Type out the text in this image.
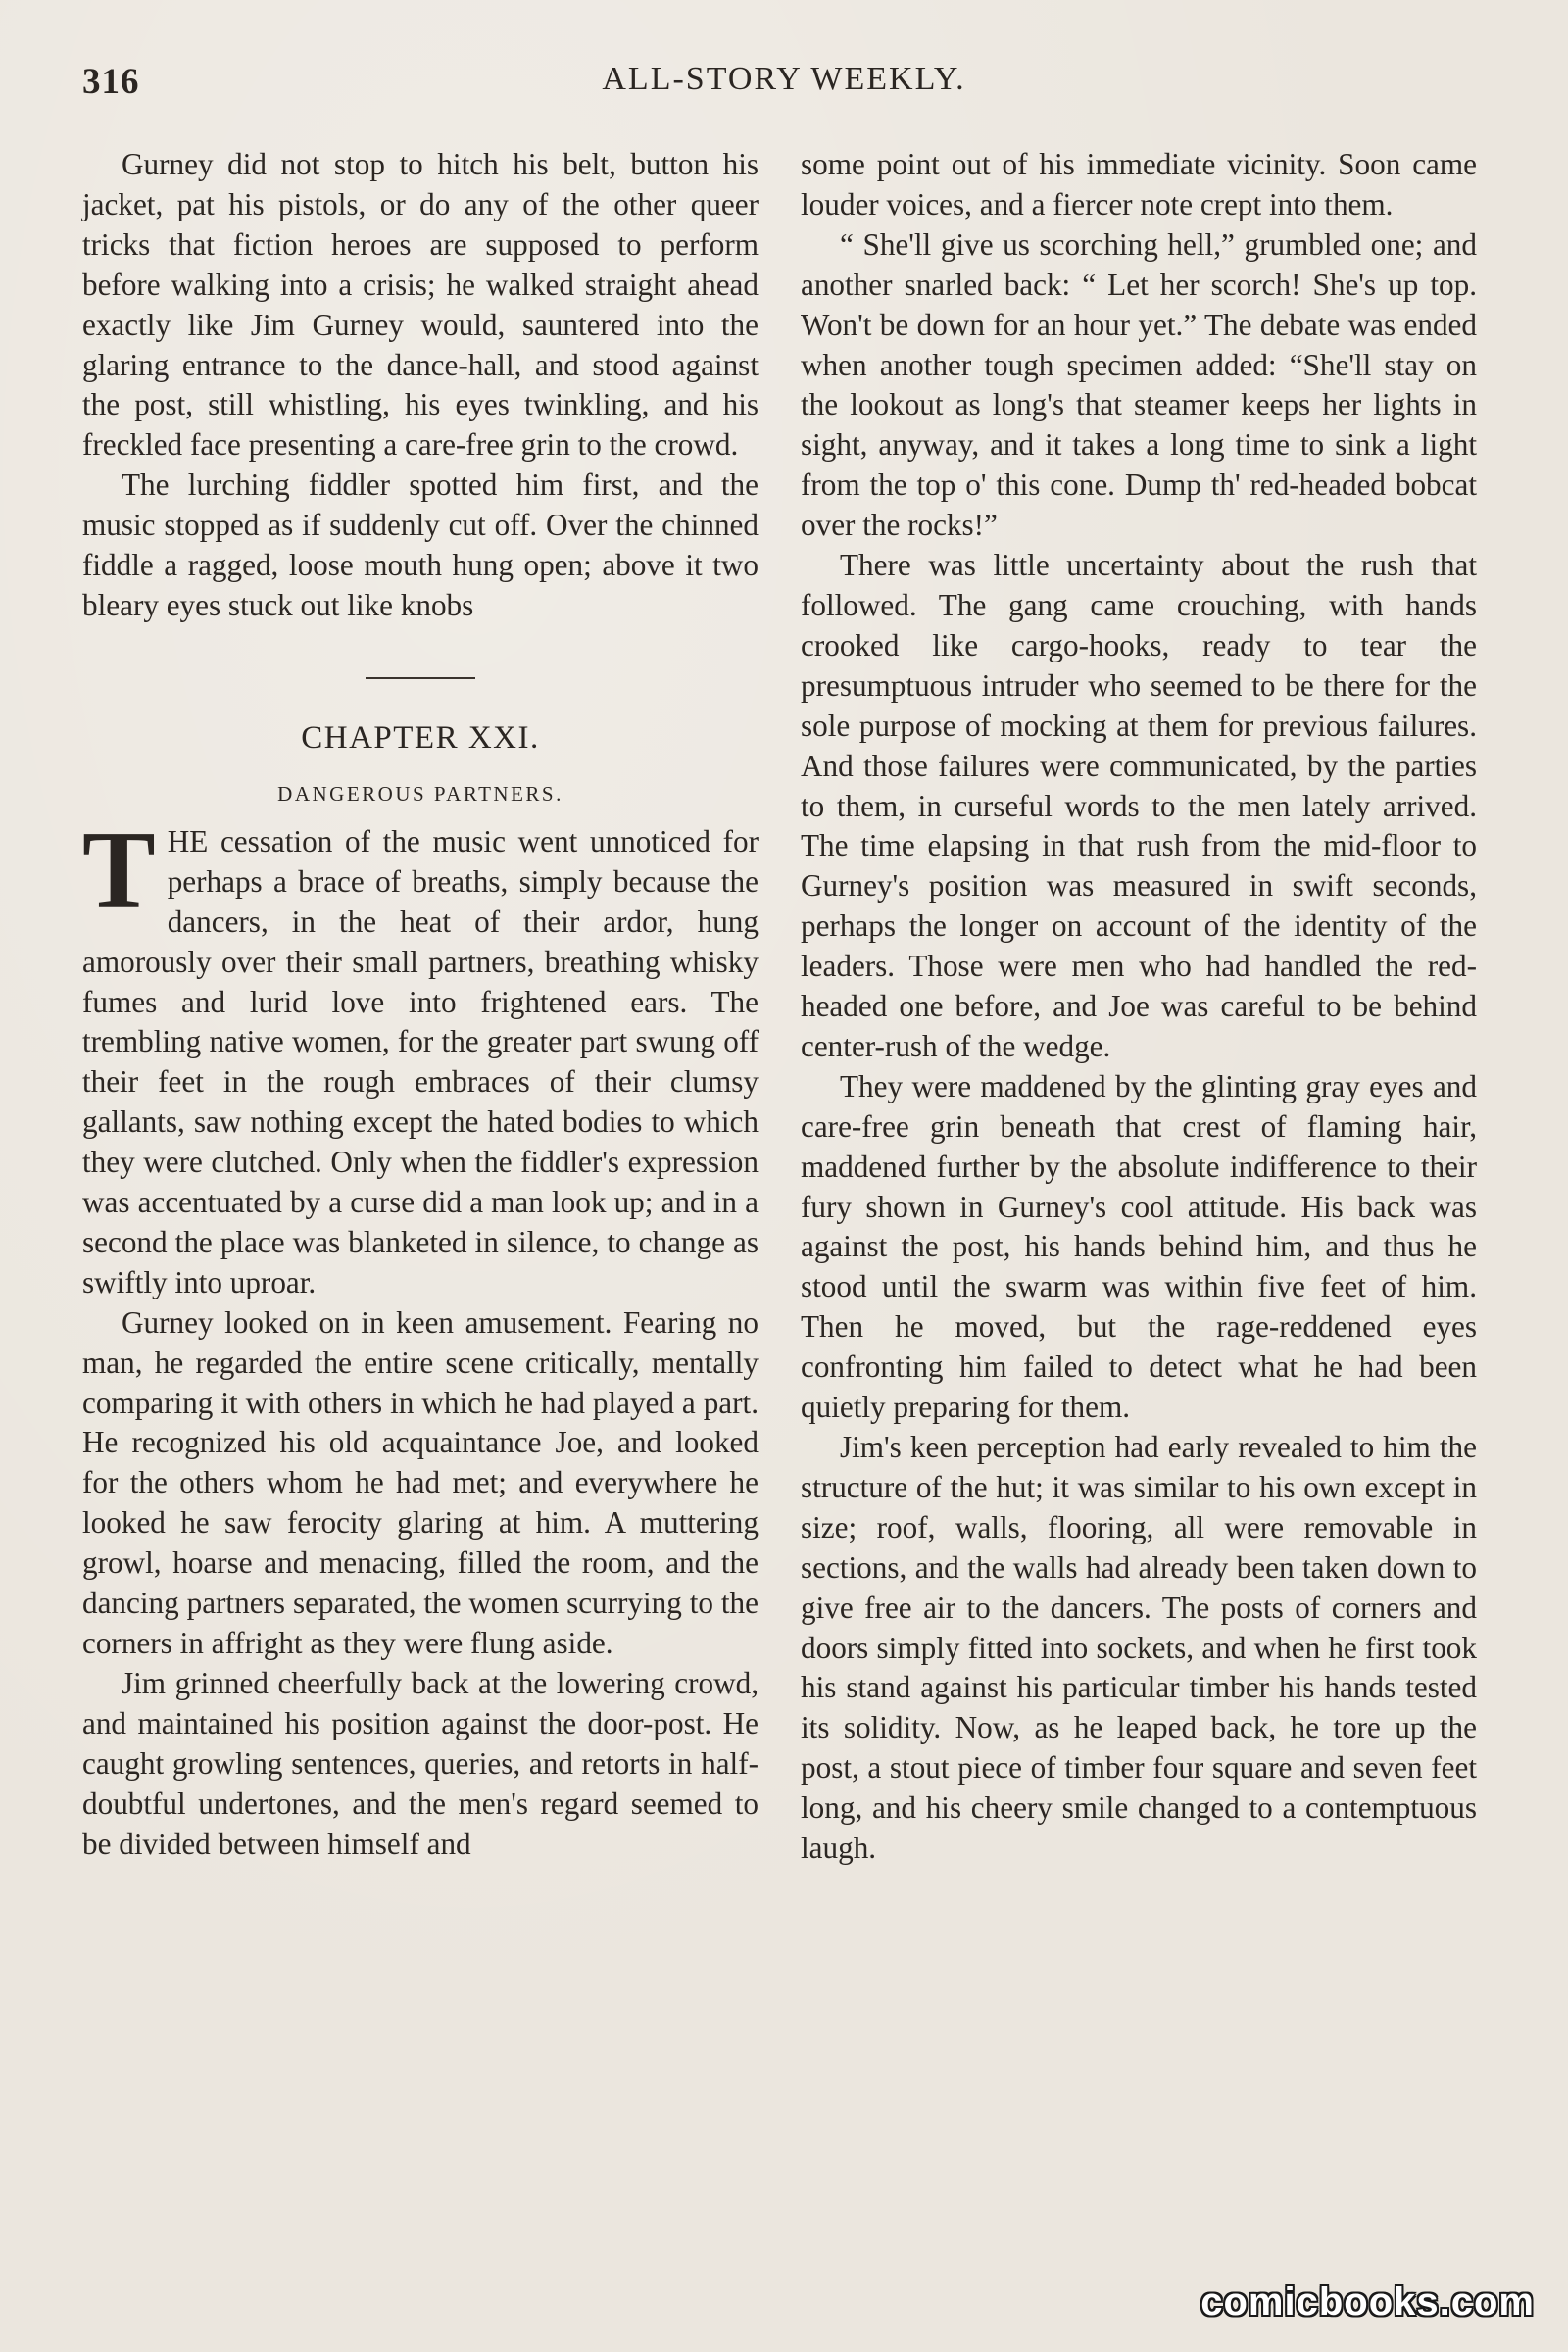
316	ALL-STORY WEEKLY.

Gurney did not stop to hitch his belt, button his jacket, pat his pistols, or do any of the other queer tricks that fiction heroes are supposed to perform before walking into a crisis; he walked straight ahead exactly like Jim Gurney would, sauntered into the glaring entrance to the dance-hall, and stood against the post, still whistling, his eyes twinkling, and his freckled face presenting a care-free grin to the crowd.

The lurching fiddler spotted him first, and the music stopped as if suddenly cut off. Over the chinned fiddle a ragged, loose mouth hung open; above it two bleary eyes stuck out like knobs

CHAPTER XXI.
DANGEROUS PARTNERS.

THE cessation of the music went unnoticed for perhaps a brace of breaths, simply because the dancers, in the heat of their ardor, hung amorously over their small partners, breathing whisky fumes and lurid love into frightened ears. The trembling native women, for the greater part swung off their feet in the rough embraces of their clumsy gallants, saw nothing except the hated bodies to which they were clutched. Only when the fiddler's expression was accentuated by a curse did a man look up; and in a second the place was blanketed in silence, to change as swiftly into uproar.

Gurney looked on in keen amusement. Fearing no man, he regarded the entire scene critically, mentally comparing it with others in which he had played a part. He recognized his old acquaintance Joe, and looked for the others whom he had met; and everywhere he looked he saw ferocity glaring at him. A muttering growl, hoarse and menacing, filled the room, and the dancing partners separated, the women scurrying to the corners in affright as they were flung aside.

Jim grinned cheerfully back at the lowering crowd, and maintained his position against the door-post. He caught growling sentences, queries, and retorts in half-doubtful undertones, and the men's regard seemed to be divided between himself and

some point out of his immediate vicinity. Soon came louder voices, and a fiercer note crept into them.

“ She'll give us scorching hell,” grumbled one; and another snarled back: “ Let her scorch! She's up top. Won't be down for an hour yet.” The debate was ended when another tough specimen added: “She'll stay on the lookout as long's that steamer keeps her lights in sight, anyway, and it takes a long time to sink a light from the top o' this cone. Dump th' red-headed bobcat over the rocks!”

There was little uncertainty about the rush that followed. The gang came crouching, with hands crooked like cargo-hooks, ready to tear the presumptuous intruder who seemed to be there for the sole purpose of mocking at them for previous failures. And those failures were communicated, by the parties to them, in curseful words to the men lately arrived. The time elapsing in that rush from the mid-floor to Gurney's position was measured in swift seconds, perhaps the longer on account of the identity of the leaders. Those were men who had handled the red-headed one before, and Joe was careful to be behind center-rush of the wedge.

They were maddened by the glinting gray eyes and care-free grin beneath that crest of flaming hair, maddened further by the absolute indifference to their fury shown in Gurney's cool attitude. His back was against the post, his hands behind him, and thus he stood until the swarm was within five feet of him. Then he moved, but the rage-reddened eyes confronting him failed to detect what he had been quietly preparing for them.

Jim's keen perception had early revealed to him the structure of the hut; it was similar to his own except in size; roof, walls, flooring, all were removable in sections, and the walls had already been taken down to give free air to the dancers. The posts of corners and doors simply fitted into sockets, and when he first took his stand against his particular timber his hands tested its solidity. Now, as he leaped back, he tore up the post, a stout piece of timber four square and seven feet long, and his cheery smile changed to a contemptuous laugh.

comicbooks.com
